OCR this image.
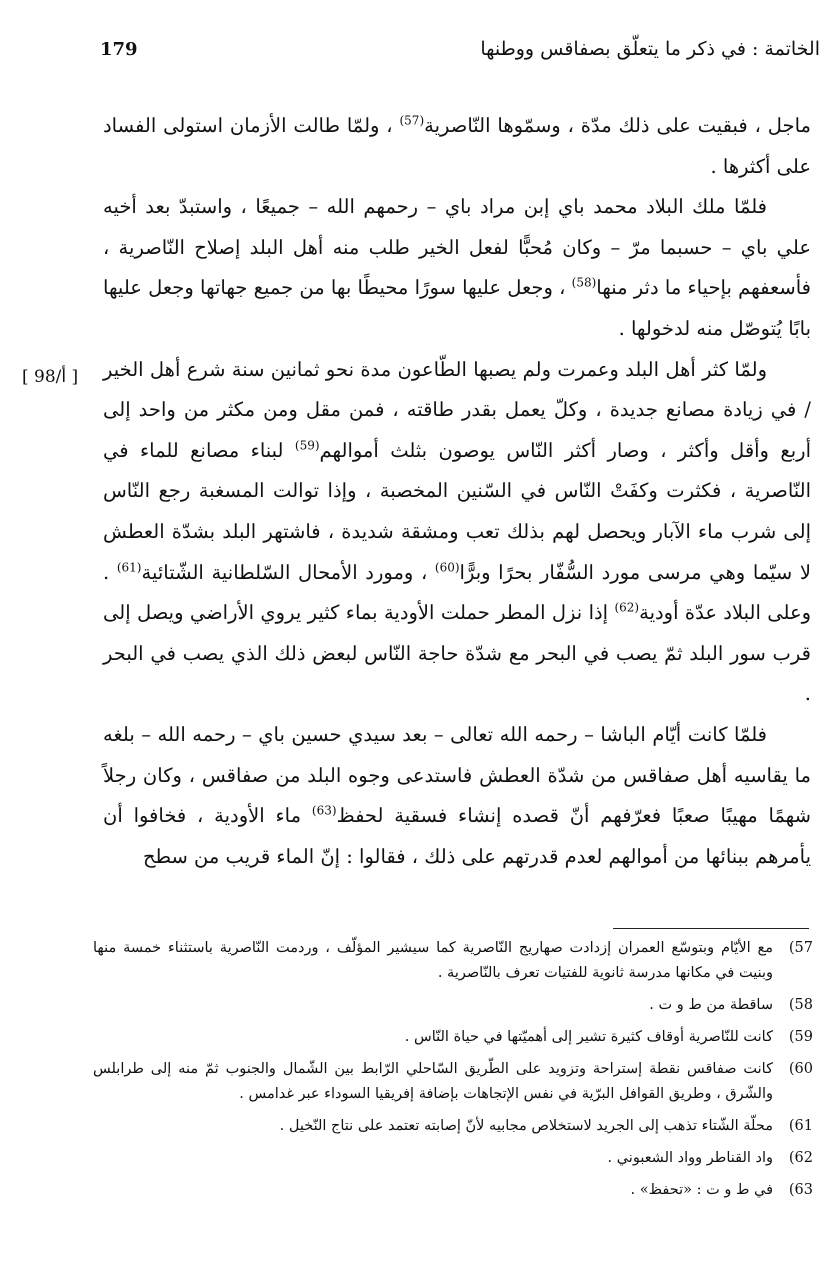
179	الخاتمة : في ذكر ما يتعلّق بصفاقس ووطنها
[ 98/أ ]

ماجل ، فبقيت على ذلك مدّة ، وسمّوها النّاصرية$^{(57)}$ ، ولمّا طالت الأزمان استولى الفساد على أكثرها .

فلمّا ملك البلاد محمد باي إبن مراد باي – رحمهم الله – جميعًا ، واستبدّ بعد أخيه علي باي – حسبما مرّ – وكان مُحبًّا لفعل الخير طلب منه أهل البلد إصلاح النّاصرية ، فأسعفهم بإحياء ما دثر منها$^{(58)}$ ، وجعل عليها سورًا محيطًا بها من جميع جهاتها وجعل عليها بابًا يُتوصّل منه لدخولها .

ولمّا كثر أهل البلد وعمرت ولم يصبها الطّاعون مدة نحو ثمانين سنة شرع أهل الخير / في زيادة مصانع جديدة ، وكلّ يعمل بقدر طاقته ، فمن مقل ومن مكثر من واحد إلى أربع وأقل وأكثر ، وصار أكثر النّاس يوصون بثلث أموالهم$^{(59)}$ لبناء مصانع للماء في النّاصرية ، فكثرت وكفَتْ النّاس في السّنين المخصبة ، وإذا توالت المسغبة رجع النّاس إلى شرب ماء الآبار ويحصل لهم بذلك تعب ومشقة شديدة ، فاشتهر البلد بشدّة العطش لا سيّما وهي مرسى مورد السُّفّار بحرًا وبرًّا$^{(60)}$ ، ومورد الأمحال السّلطانية الشّتائية$^{(61)}$ . وعلى البلاد عدّة أودية$^{(62)}$ إذا نزل المطر حملت الأودية بماء كثير يروي الأراضي ويصل إلى قرب سور البلد ثمّ يصب في البحر مع شدّة حاجة النّاس لبعض ذلك الذي يصب في البحر .

فلمّا كانت أيّام الباشا – رحمه الله تعالى – بعد سيدي حسين باي – رحمه الله – بلغه ما يقاسيه أهل صفاقس من شدّة العطش فاستدعى وجوه البلد من صفاقس ، وكان رجلاً شهمًا مهيبًا صعبًا فعرّفهم أنّ قصده إنشاء فسقية لحفظ$^{(63)}$ ماء الأودية ، فخافوا أن يأمرهم ببنائها من أموالهم لعدم قدرتهم على ذلك ، فقالوا : إنّ الماء قريب من سطح

57)
مع الأيّام وبتوسّع العمران إزدادت صهاريج النّاصرية كما سيشير المؤلّف ، وردمت النّاصرية باستثناء خمسة منها وبنيت في مكانها مدرسة ثانوية للفتيات تعرف بالنّاصرية .
58)
ساقطة من ط و ت .
59)
كانت للنّاصرية أوقاف كثيرة تشير إلى أهميّتها في حياة النّاس .
60)
كانت صفاقس نقطة إستراحة وتزويد على الطّريق السّاحلي الرّابط بين الشّمال والجنوب ثمّ منه إلى طرابلس والشّرق ، وطريق القوافل البرّية في نفس الإتجاهات بإضافة إفريقيا السوداء عبر غدامس .
61)
محلّة الشّتاء تذهب إلى الجريد لاستخلاص مجابيه لأنّ إصابته تعتمد على نتاج النّخيل .
62)
واد القناطر وواد الشعبوني .
63)
في ط و ت : «تحفظ» .
